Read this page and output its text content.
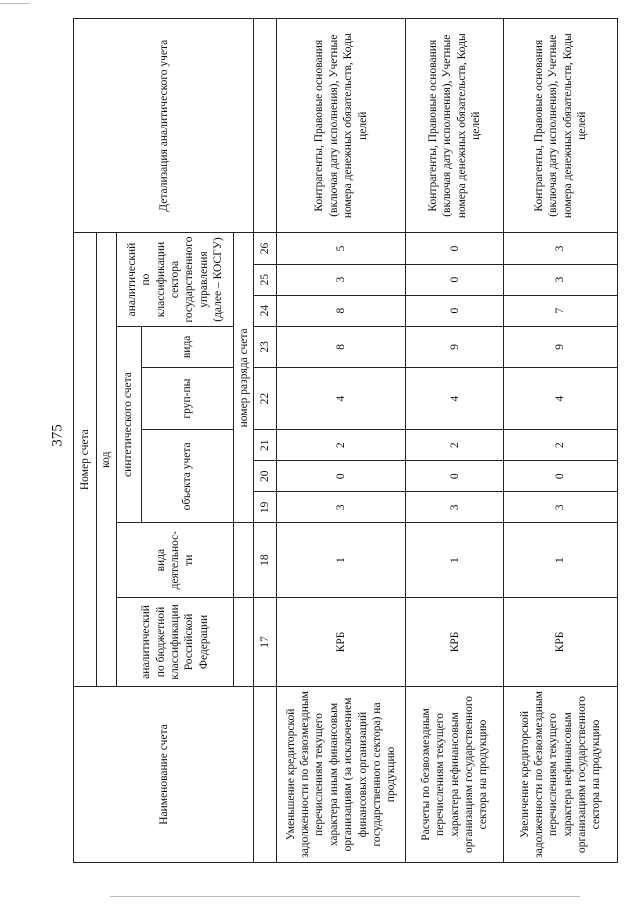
375
Наименование счета	Номер счета										Детализация аналитического учета
	код										
	аналитический по бюджетной классификации Российской Федерации	вида деятельнос-ти	синтетического счета					аналитический по классификации сектора государственного управления (далее – КОСГУ)			
			объекта учета			груп-пы	вида				
			номер разряда счета								
	17	18	19	20	21	22	23	24	25	26	
Уменьшение кредиторской задолженности по безвозмездным перечислениям текущего характера иным финансовым организациям (за исключением финансовых организаций государственного сектора) на продукцию	КРБ	1	3	0	2	4	8	8	3	5	Контрагенты, Правовые основания (включая дату исполнения), Учетные номера денежных обязательств, Коды целей
Расчеты по безвозмездным перечислениям текущего характера нефинансовым организациям государственного сектора на продукцию	КРБ	1	3	0	2	4	9	0	0	0	Контрагенты, Правовые основания (включая дату исполнения), Учетные номера денежных обязательств, Коды целей
Увеличение кредиторской задолженности по безвозмездным перечислениям текущего характера нефинансовым организациям государственного сектора на продукцию	КРБ	1	3	0	2	4	9	7	3	3	Контрагенты, Правовые основания (включая дату исполнения), Учетные номера денежных обязательств, Коды целей
